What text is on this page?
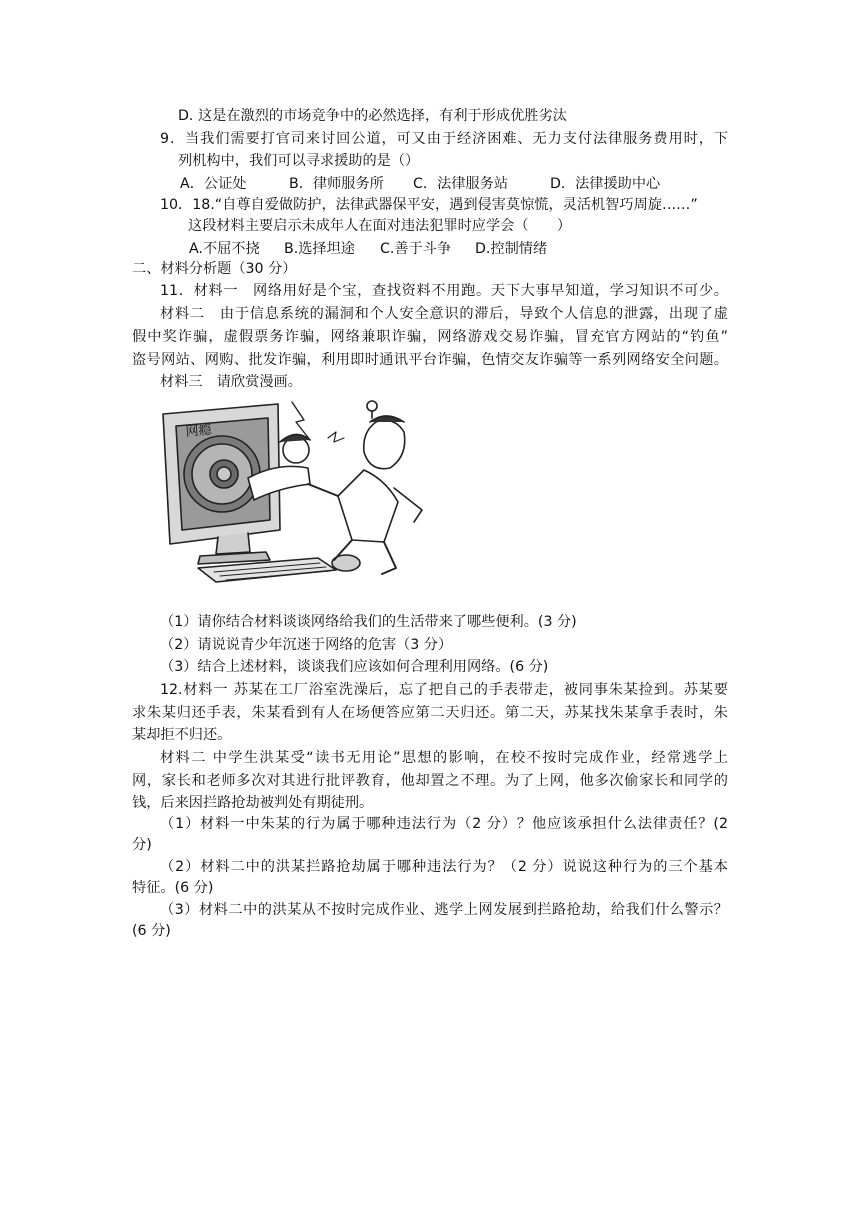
D. 这是在激烈的市场竞争中的必然选择，有利于形成优胜劣汰
9．当我们需要打官司来讨回公道，可又由于经济困难、无力支付法律服务费用时，下
列机构中，我们可以寻求援助的是（）
A．公证处	B．律师服务所 C．法律服务站	D．法律援助中心
10．18.“自尊自爱做防护，法律武器保平安，遇到侵害莫惊慌，灵活机智巧周旋……”
这段材料主要启示未成年人在面对违法犯罪时应学会（　　）
A.不屈不挠 B.选择坦途 C.善于斗争 D.控制情绪
二、材料分析题（30 分）
11．材料一　网络用好是个宝，查找资料不用跑。天下大事早知道，学习知识不可少。
材料二　由于信息系统的漏洞和个人安全意识的滞后，导致个人信息的泄露，出现了虚
假中奖诈骗，虚假票务诈骗，网络兼职诈骗，网络游戏交易诈骗，冒充官方网站的“钓鱼”
盗号网站、网购、批发诈骗，利用即时通讯平台诈骗，色情交友诈骗等一系列网络安全问题。
材料三　请欣赏漫画。
网瘾
（1）请你结合材料谈谈网络给我们的生活带来了哪些便利。(3 分)
（2）请说说青少年沉迷于网络的危害（3 分）
（3）结合上述材料，谈谈我们应该如何合理利用网络。(6 分)
12.材料一 苏某在工厂浴室洗澡后，忘了把自己的手表带走，被同事朱某捡到。苏某要
求朱某归还手表，朱某看到有人在场便答应第二天归还。第二天，苏某找朱某拿手表时，朱
某却拒不归还。
材料二 中学生洪某受“读书无用论”思想的影响，在校不按时完成作业，经常逃学上
网，家长和老师多次对其进行批评教育，他却置之不理。为了上网，他多次偷家长和同学的
钱，后来因拦路抢劫被判处有期徒刑。
（1）材料一中朱某的行为属于哪种违法行为（2 分）？他应该承担什么法律责任？(2
分)
（2）材料二中的洪某拦路抢劫属于哪种违法行为？（2 分）说说这种行为的三个基本
特征。(6 分)
（3）材料二中的洪某从不按时完成作业、逃学上网发展到拦路抢劫，给我们什么警示？
(6 分)
